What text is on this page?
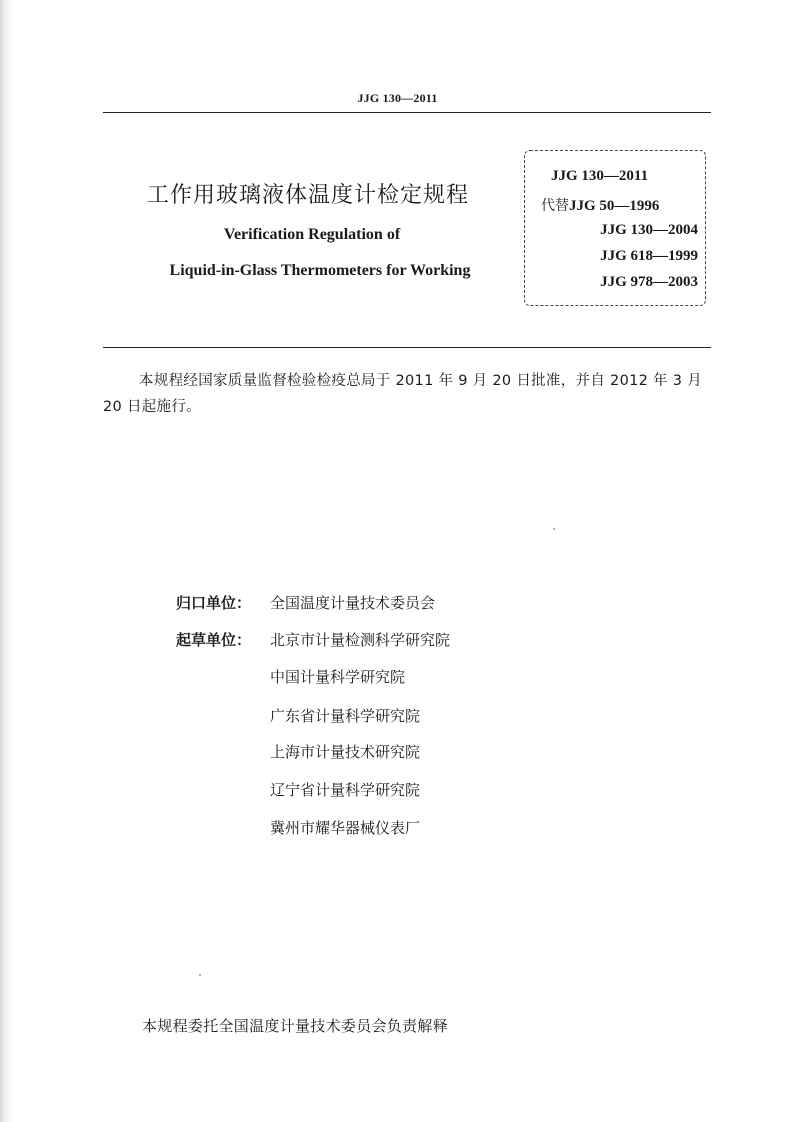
JJG 130—2011
工作用玻璃液体温度计检定规程
Verification Regulation of
Liquid-in-Glass Thermometers for Working
JJG 130—2011
代替JJG 50—1996
JJG 130—2004
JJG 618—1999
JJG 978—2003
本规程经国家质量监督检验检疫总局于 2011 年 9 月 20 日批准，并自 2012 年 3 月 20 日起施行。
归口单位： 全国温度计量技术委员会
起草单位： 北京市计量检测科学研究院
中国计量科学研究院
广东省计量科学研究院
上海市计量技术研究院
辽宁省计量科学研究院
冀州市耀华器械仪表厂
本规程委托全国温度计量技术委员会负责解释
